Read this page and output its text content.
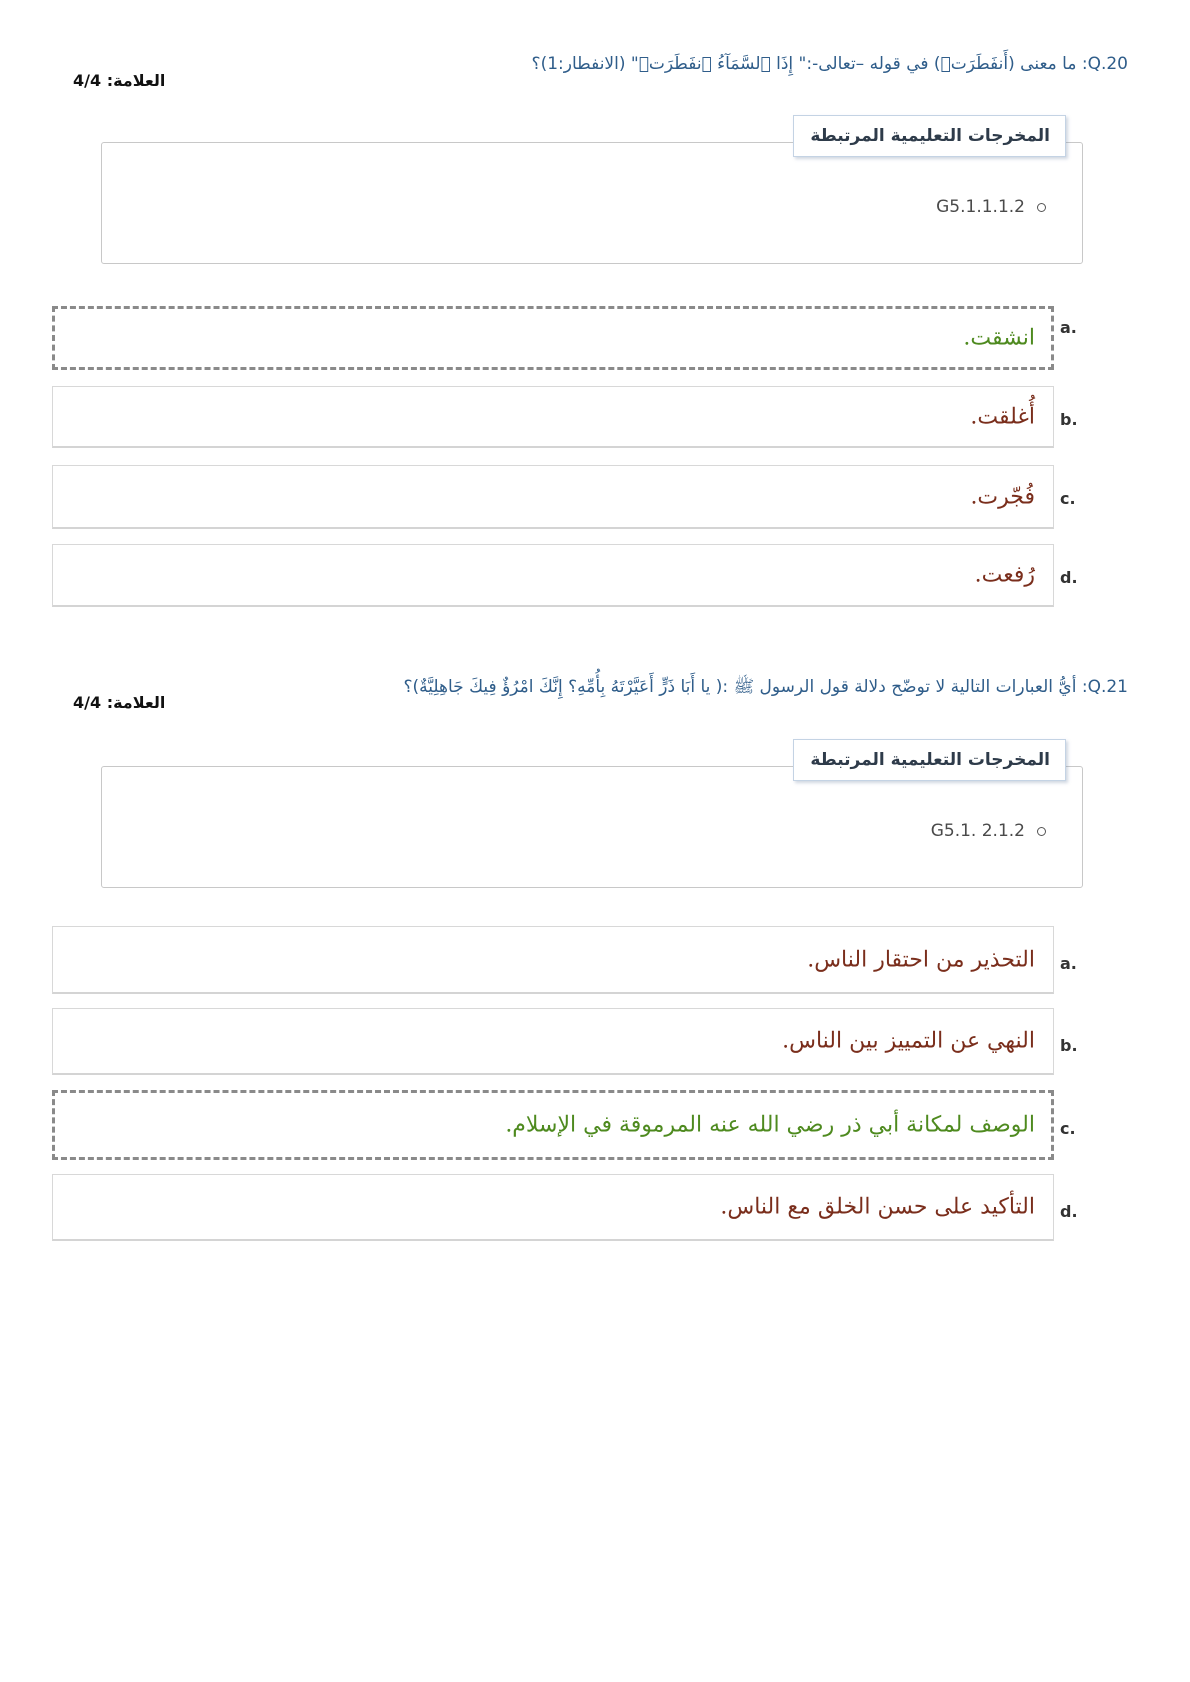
Q.20: ما معنى (أَنفَطَرَتۡ) في قوله –تعالى-:" إِذَا ٱلسَّمَآءُ ٱنفَطَرَتۡ" (الانفطار:1)؟
العلامة: 4/4
المخرجات التعليمية المرتبطة
G5.1.1.1.2
انشقت. a.
أُغلقت. b.
فُجّرت. c.
رُفعت. d.
Q.21: أيُّ العبارات التالية لا توضّح دلالة قول الرسول ﷺ :( يا أَبَا ذَرٍّ أَعَيَّرْتَهُ بِأُمِّهِ؟ إِنَّكَ امْرُؤٌ فِيكَ جَاهِلِيَّةٌ)؟
العلامة: 4/4
المخرجات التعليمية المرتبطة
G5.1. 2.1.2
التحذير من احتقار الناس. a.
النهي عن التمييز بين الناس. b.
الوصف لمكانة أبي ذر رضي الله عنه المرموقة في الإسلام. c.
التأكيد على حسن الخلق مع الناس. d.
